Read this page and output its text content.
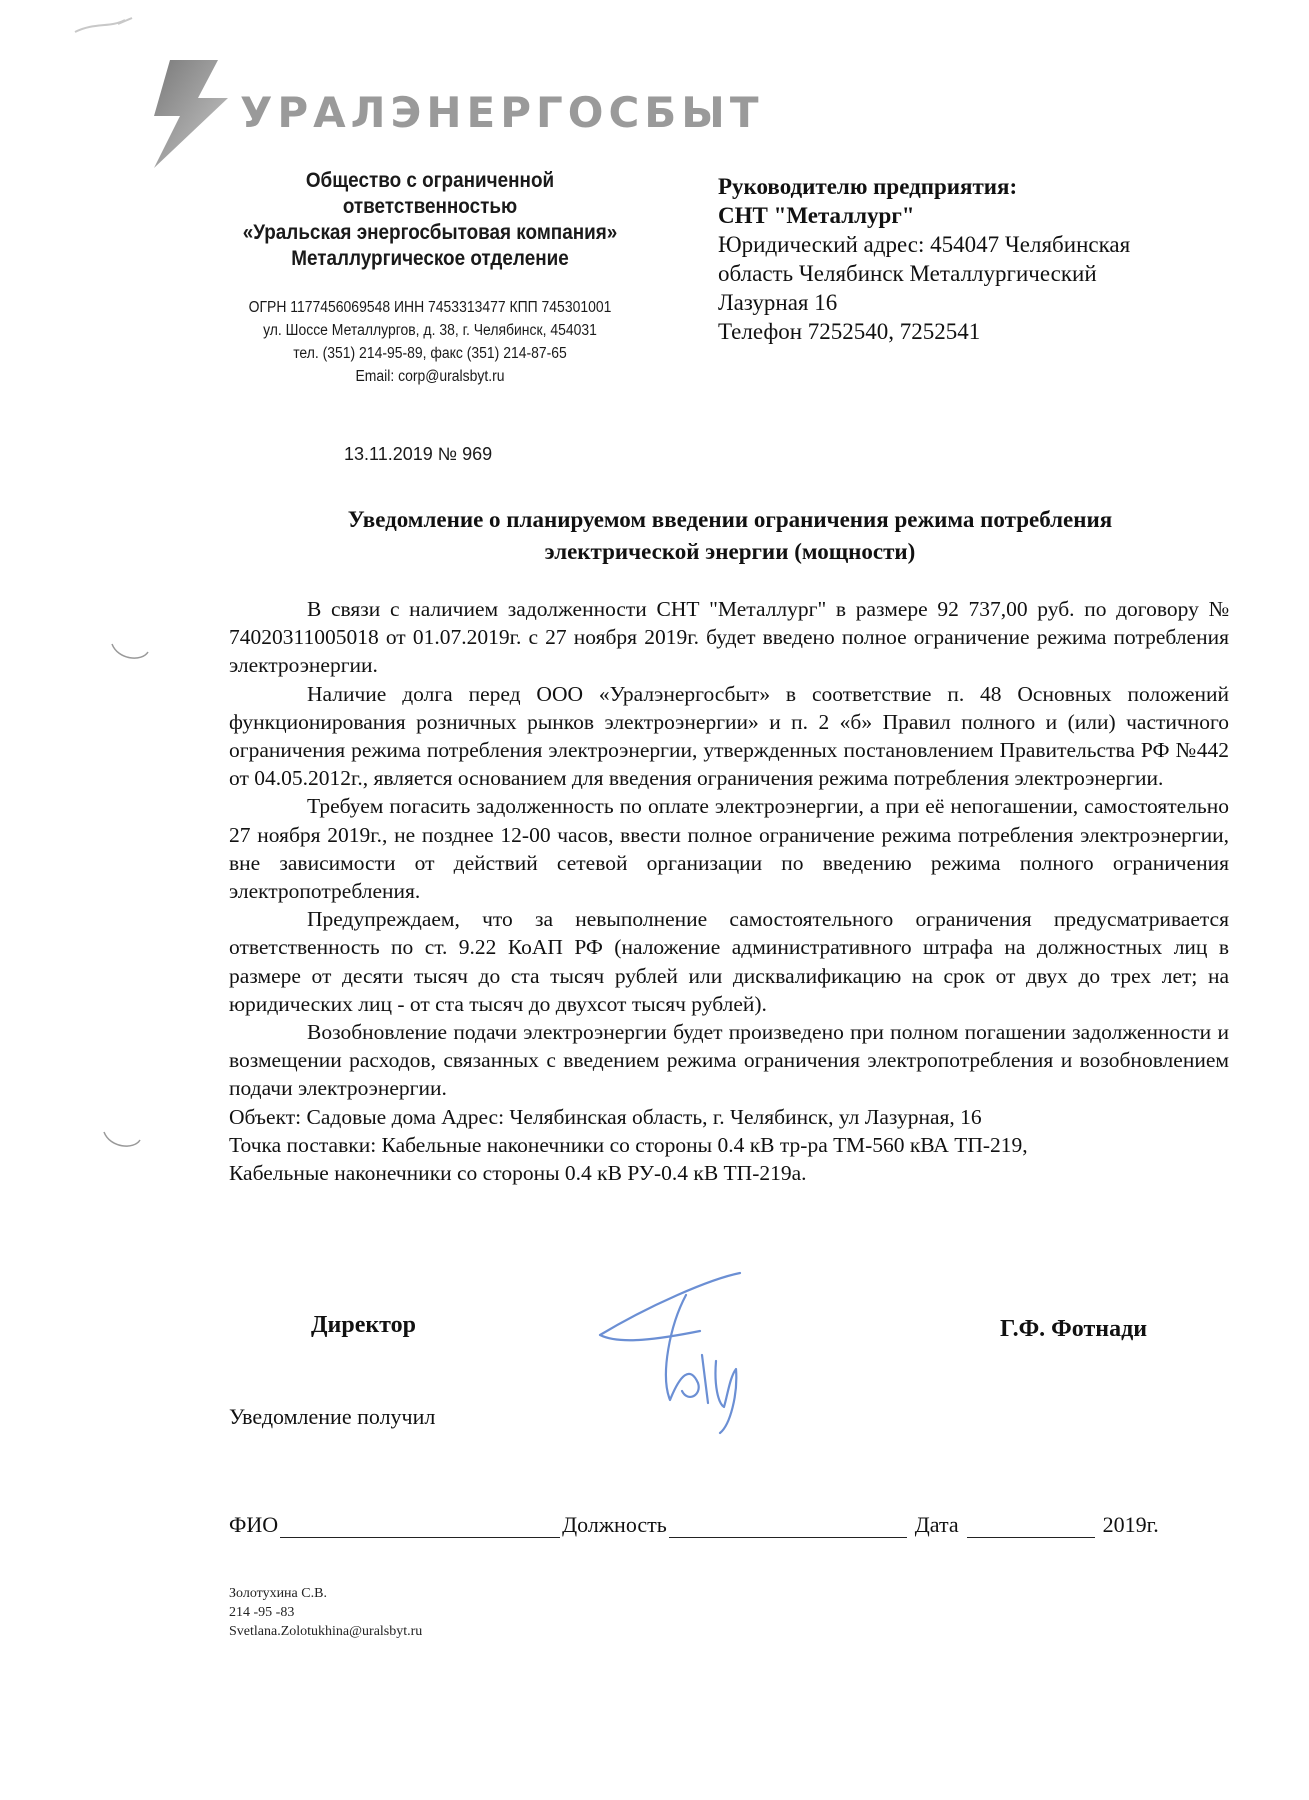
УРАЛЭНЕРГОСБЫТ
Общество с ограниченной
ответственностью
«Уральская энергосбытовая компания»
Металлургическое отделение
ОГРН 1177456069548 ИНН 7453313477 КПП 745301001
ул. Шоссе Металлургов, д. 38, г. Челябинск, 454031
тел. (351) 214-95-89, факс (351) 214-87-65
Email: corp@uralsbyt.ru
13.11.2019 № 969
Руководителю предприятия:
СНТ "Металлург"
Юридический адрес: 454047 Челябинская
область Челябинск Металлургический
Лазурная 16
Телефон 7252540, 7252541
Уведомление о планируемом введении ограничения режима потребления
электрической энергии (мощности)

В связи с наличием задолженности СНТ "Металлург" в размере 92 737,00 руб. по договору № 74020311005018 от 01.07.2019г. с 27 ноября 2019г. будет введено полное ограничение режима потребления электроэнергии.

Наличие долга перед ООО «Уралэнергосбыт» в соответствие п. 48 Основных положений функционирования розничных рынков электроэнергии» и п. 2 «б» Правил полного и (или) частичного ограничения режима потребления электроэнергии, утвержденных постановлением Правительства РФ №442 от 04.05.2012г., является основанием для введения ограничения режима потребления электроэнергии.

Требуем погасить задолженность по оплате электроэнергии, а при её непогашении, самостоятельно 27 ноября 2019г., не позднее 12-00 часов, ввести полное ограничение режима потребления электроэнергии, вне зависимости от действий сетевой организации по введению режима полного ограничения электропотребления.

Предупреждаем, что за невыполнение самостоятельного ограничения предусматривается ответственность по ст. 9.22 КоАП РФ (наложение административного штрафа на должностных лиц в размере от десяти тысяч до ста тысяч рублей или дисквалификацию на срок от двух до трех лет; на юридических лиц - от ста тысяч до двухсот тысяч рублей).

Возобновление подачи электроэнергии будет произведено при полном погашении задолженности и возмещении расходов, связанных с введением режима ограничения электропотребления и возобновлением подачи электроэнергии.

Объект: Садовые дома Адрес: Челябинская область, г. Челябинск, ул Лазурная, 16
Точка поставки: Кабельные наконечники со стороны 0.4 кВ тр-ра ТМ-560 кВА ТП-219,
Кабельные наконечники со стороны 0.4 кВ РУ-0.4 кВ ТП-219а.
Директор	Г.Ф. Фотнади
Уведомление получил
ФИО	Должность	Дата	2019г.
Золотухина С.В.
214 -95 -83
Svetlana.Zolotukhina@uralsbyt.ru
